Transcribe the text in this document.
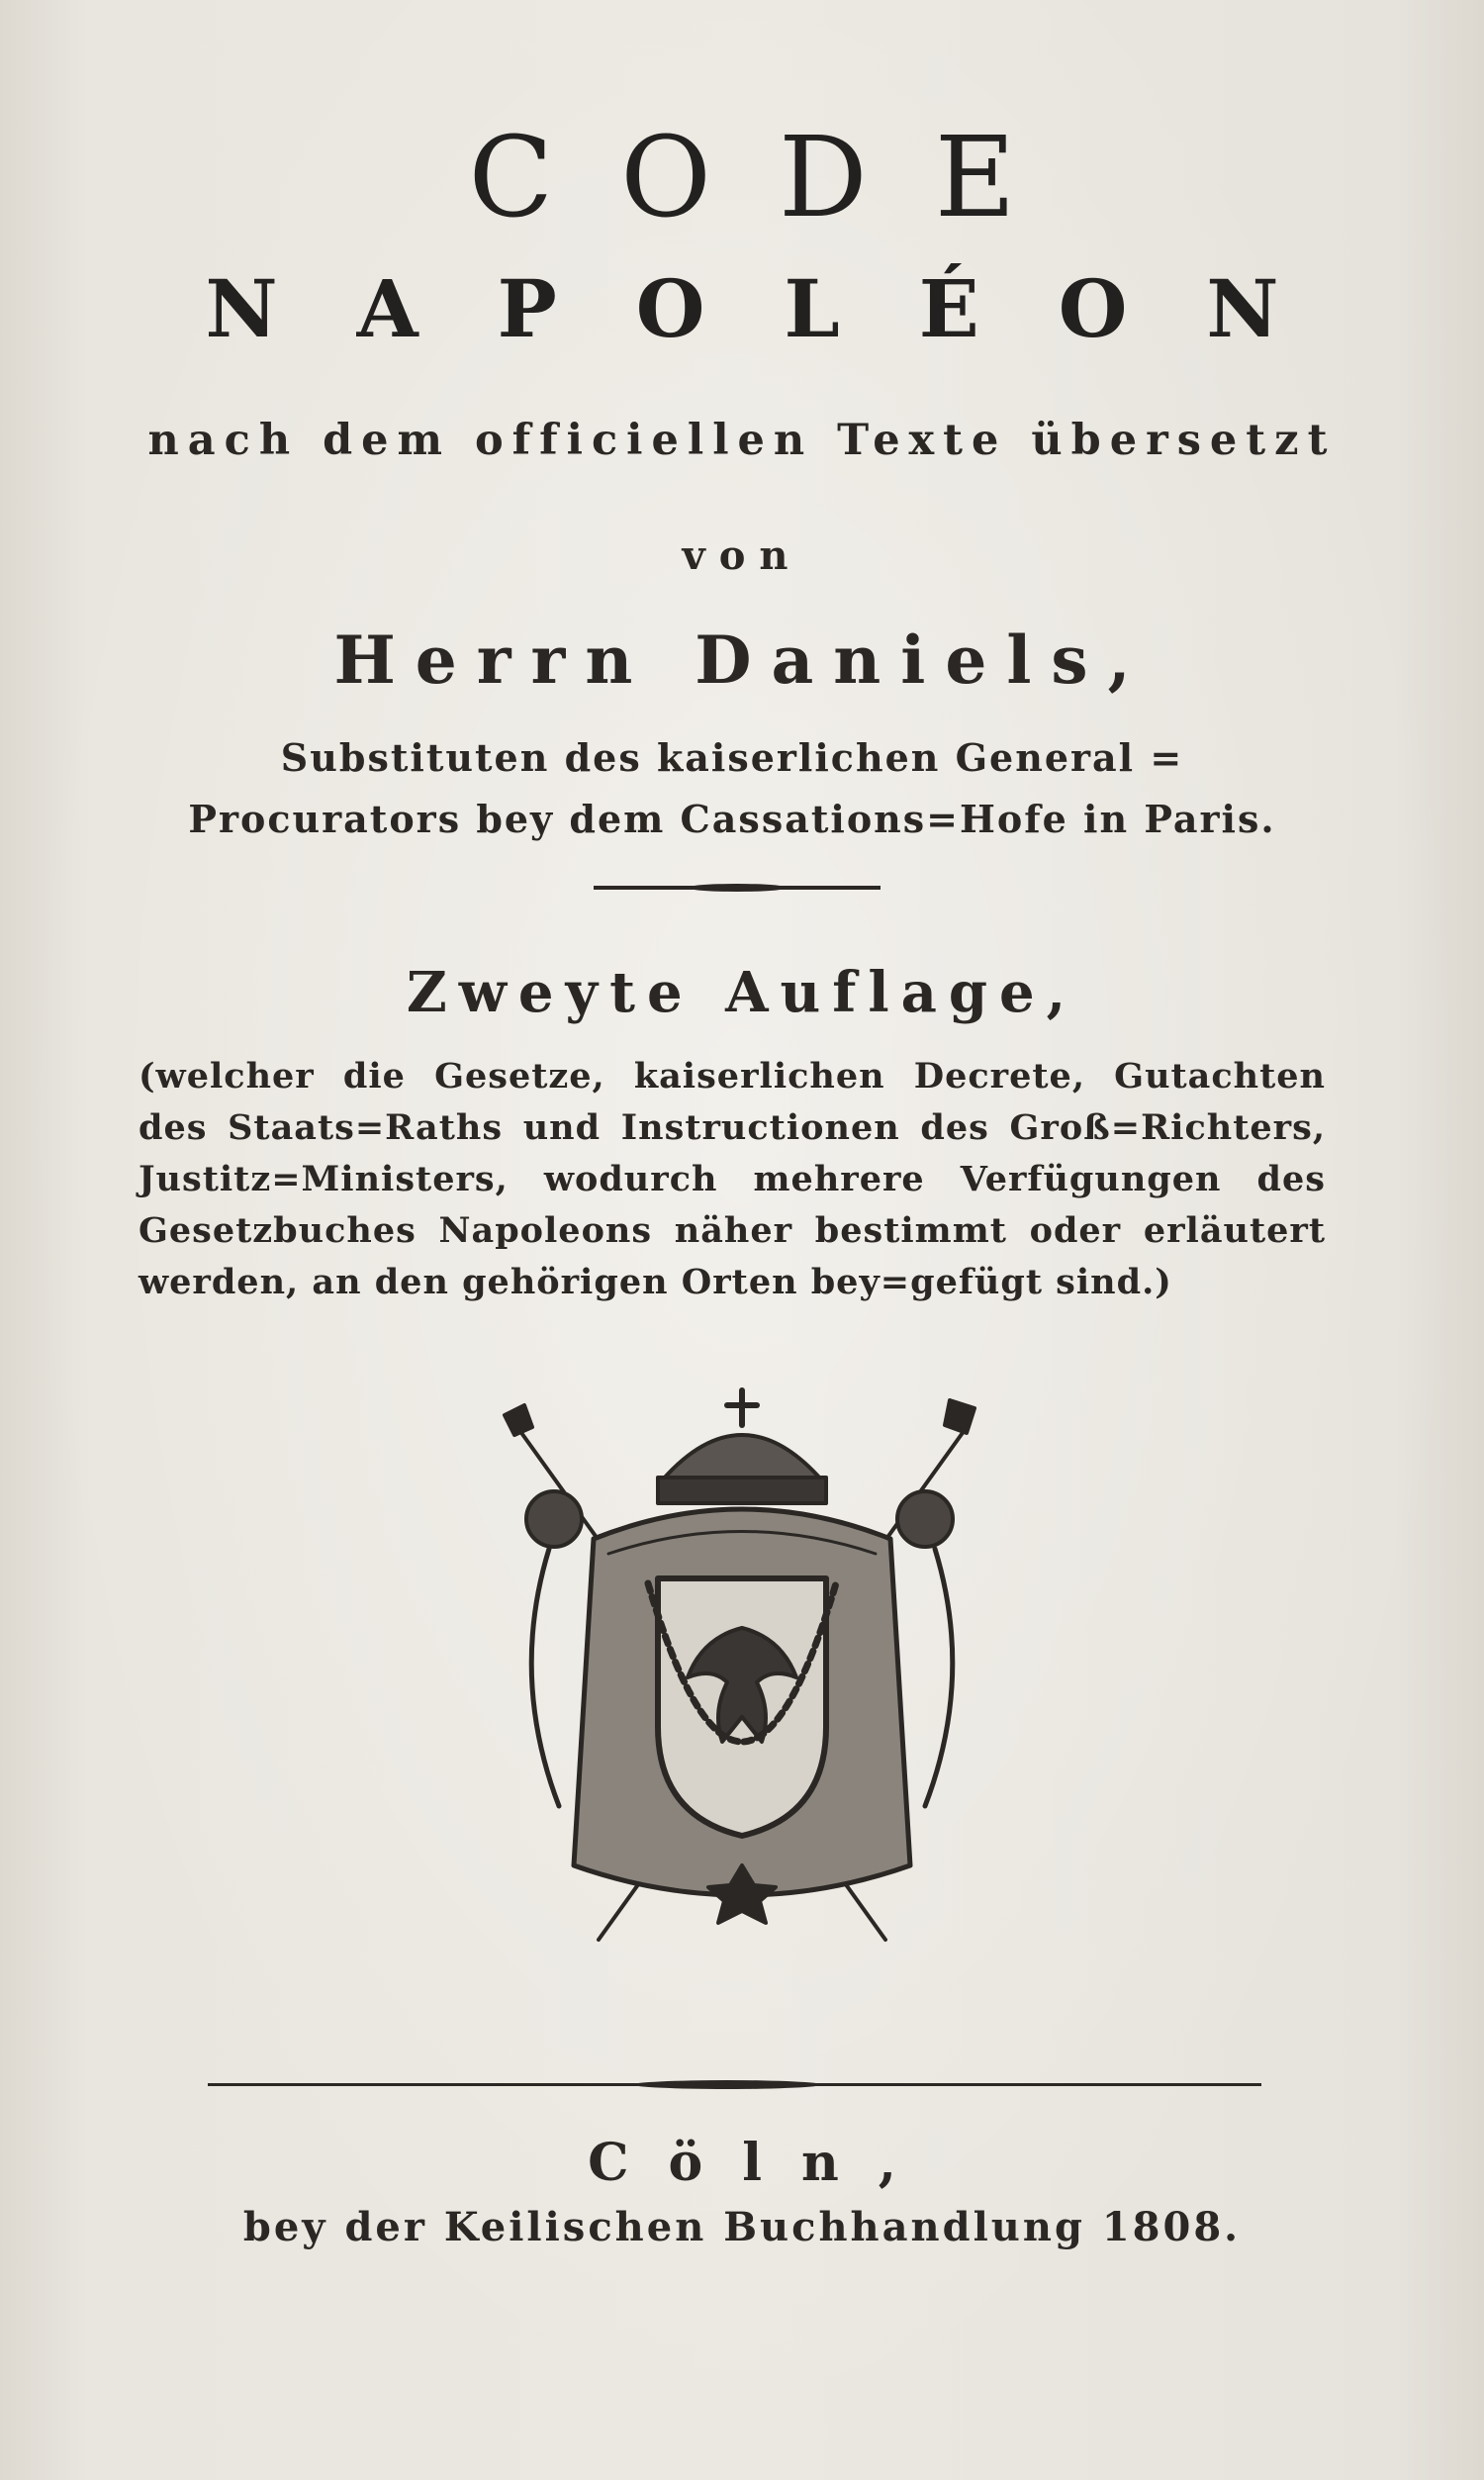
CODE
NAPOLÉON
nach dem officiellen Texte übersetzt
von
Herrn Daniels,
Substituten des kaiserlichen General = Procurators bey dem Cassations=Hofe in Paris.
Zweyte Auflage,
(welcher die Gesetze, kaiserlichen Decrete, Gutachten des Staats=Raths und Instructionen des Groß=Richters, Justitz=Ministers, wodurch mehrere Verfügungen des Gesetzbuches Napoleons näher bestimmt oder erläutert werden, an den gehörigen Orten bey=gefügt sind.)
Cöln,
bey der Keilischen Buchhandlung 1808.
